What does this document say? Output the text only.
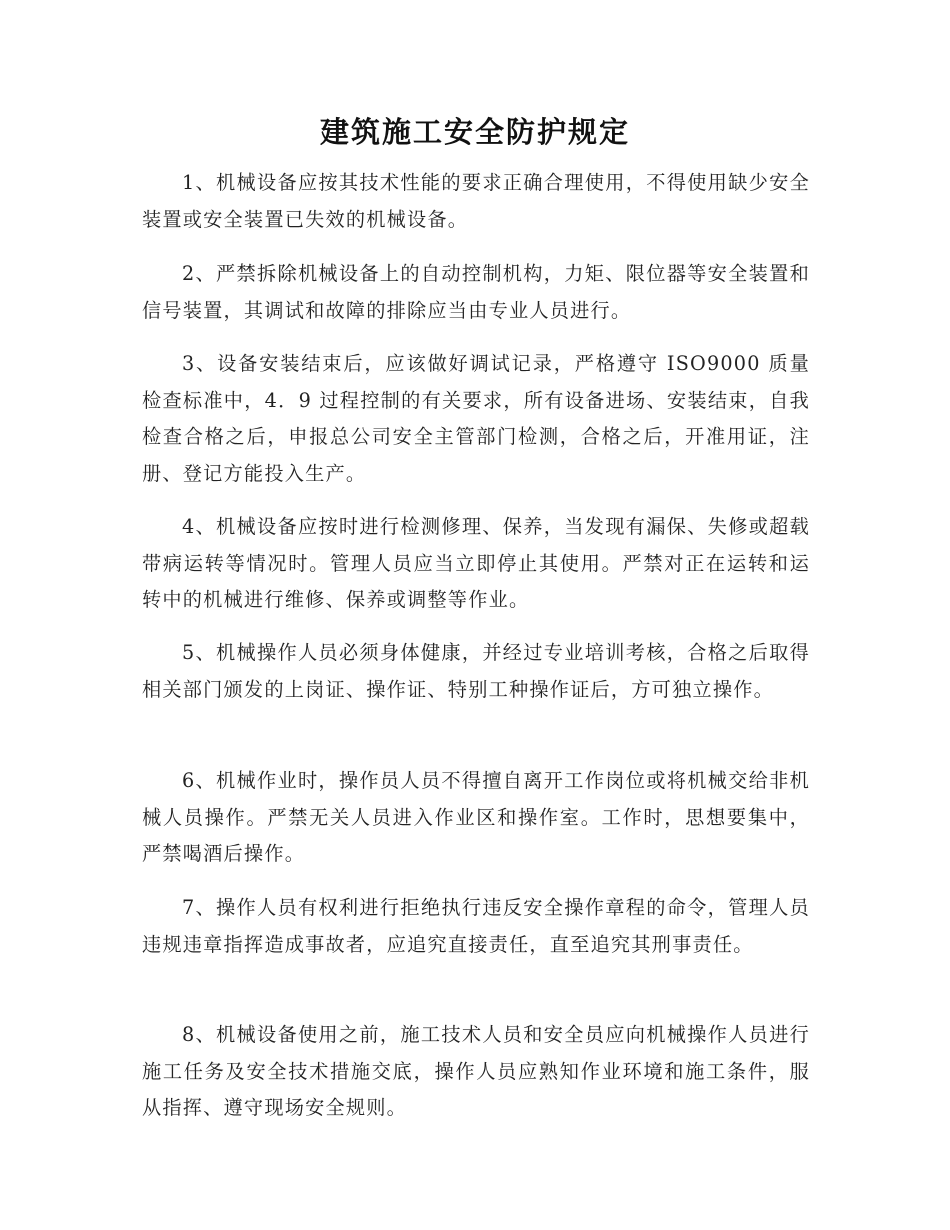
建筑施工安全防护规定

1、机械设备应按其技术性能的要求正确合理使用，不得使用缺少安全装置或安全装置已失效的机械设备。

2、严禁拆除机械设备上的自动控制机构，力矩、限位器等安全装置和信号装置，其调试和故障的排除应当由专业人员进行。

3、设备安装结束后，应该做好调试记录，严格遵守 ISO9000 质量检查标准中，4．9 过程控制的有关要求，所有设备进场、安装结束，自我检查合格之后，申报总公司安全主管部门检测，合格之后，开准用证，注册、登记方能投入生产。

4、机械设备应按时进行检测修理、保养，当发现有漏保、失修或超载带病运转等情况时。管理人员应当立即停止其使用。严禁对正在运转和运转中的机械进行维修、保养或调整等作业。

5、机械操作人员必须身体健康，并经过专业培训考核，合格之后取得相关部门颁发的上岗证、操作证、特别工种操作证后，方可独立操作。

6、机械作业时，操作员人员不得擅自离开工作岗位或将机械交给非机械人员操作。严禁无关人员进入作业区和操作室。工作时，思想要集中，严禁喝酒后操作。

7、操作人员有权利进行拒绝执行违反安全操作章程的命令，管理人员违规违章指挥造成事故者，应追究直接责任，直至追究其刑事责任。

8、机械设备使用之前，施工技术人员和安全员应向机械操作人员进行施工任务及安全技术措施交底，操作人员应熟知作业环境和施工条件，服从指挥、遵守现场安全规则。
